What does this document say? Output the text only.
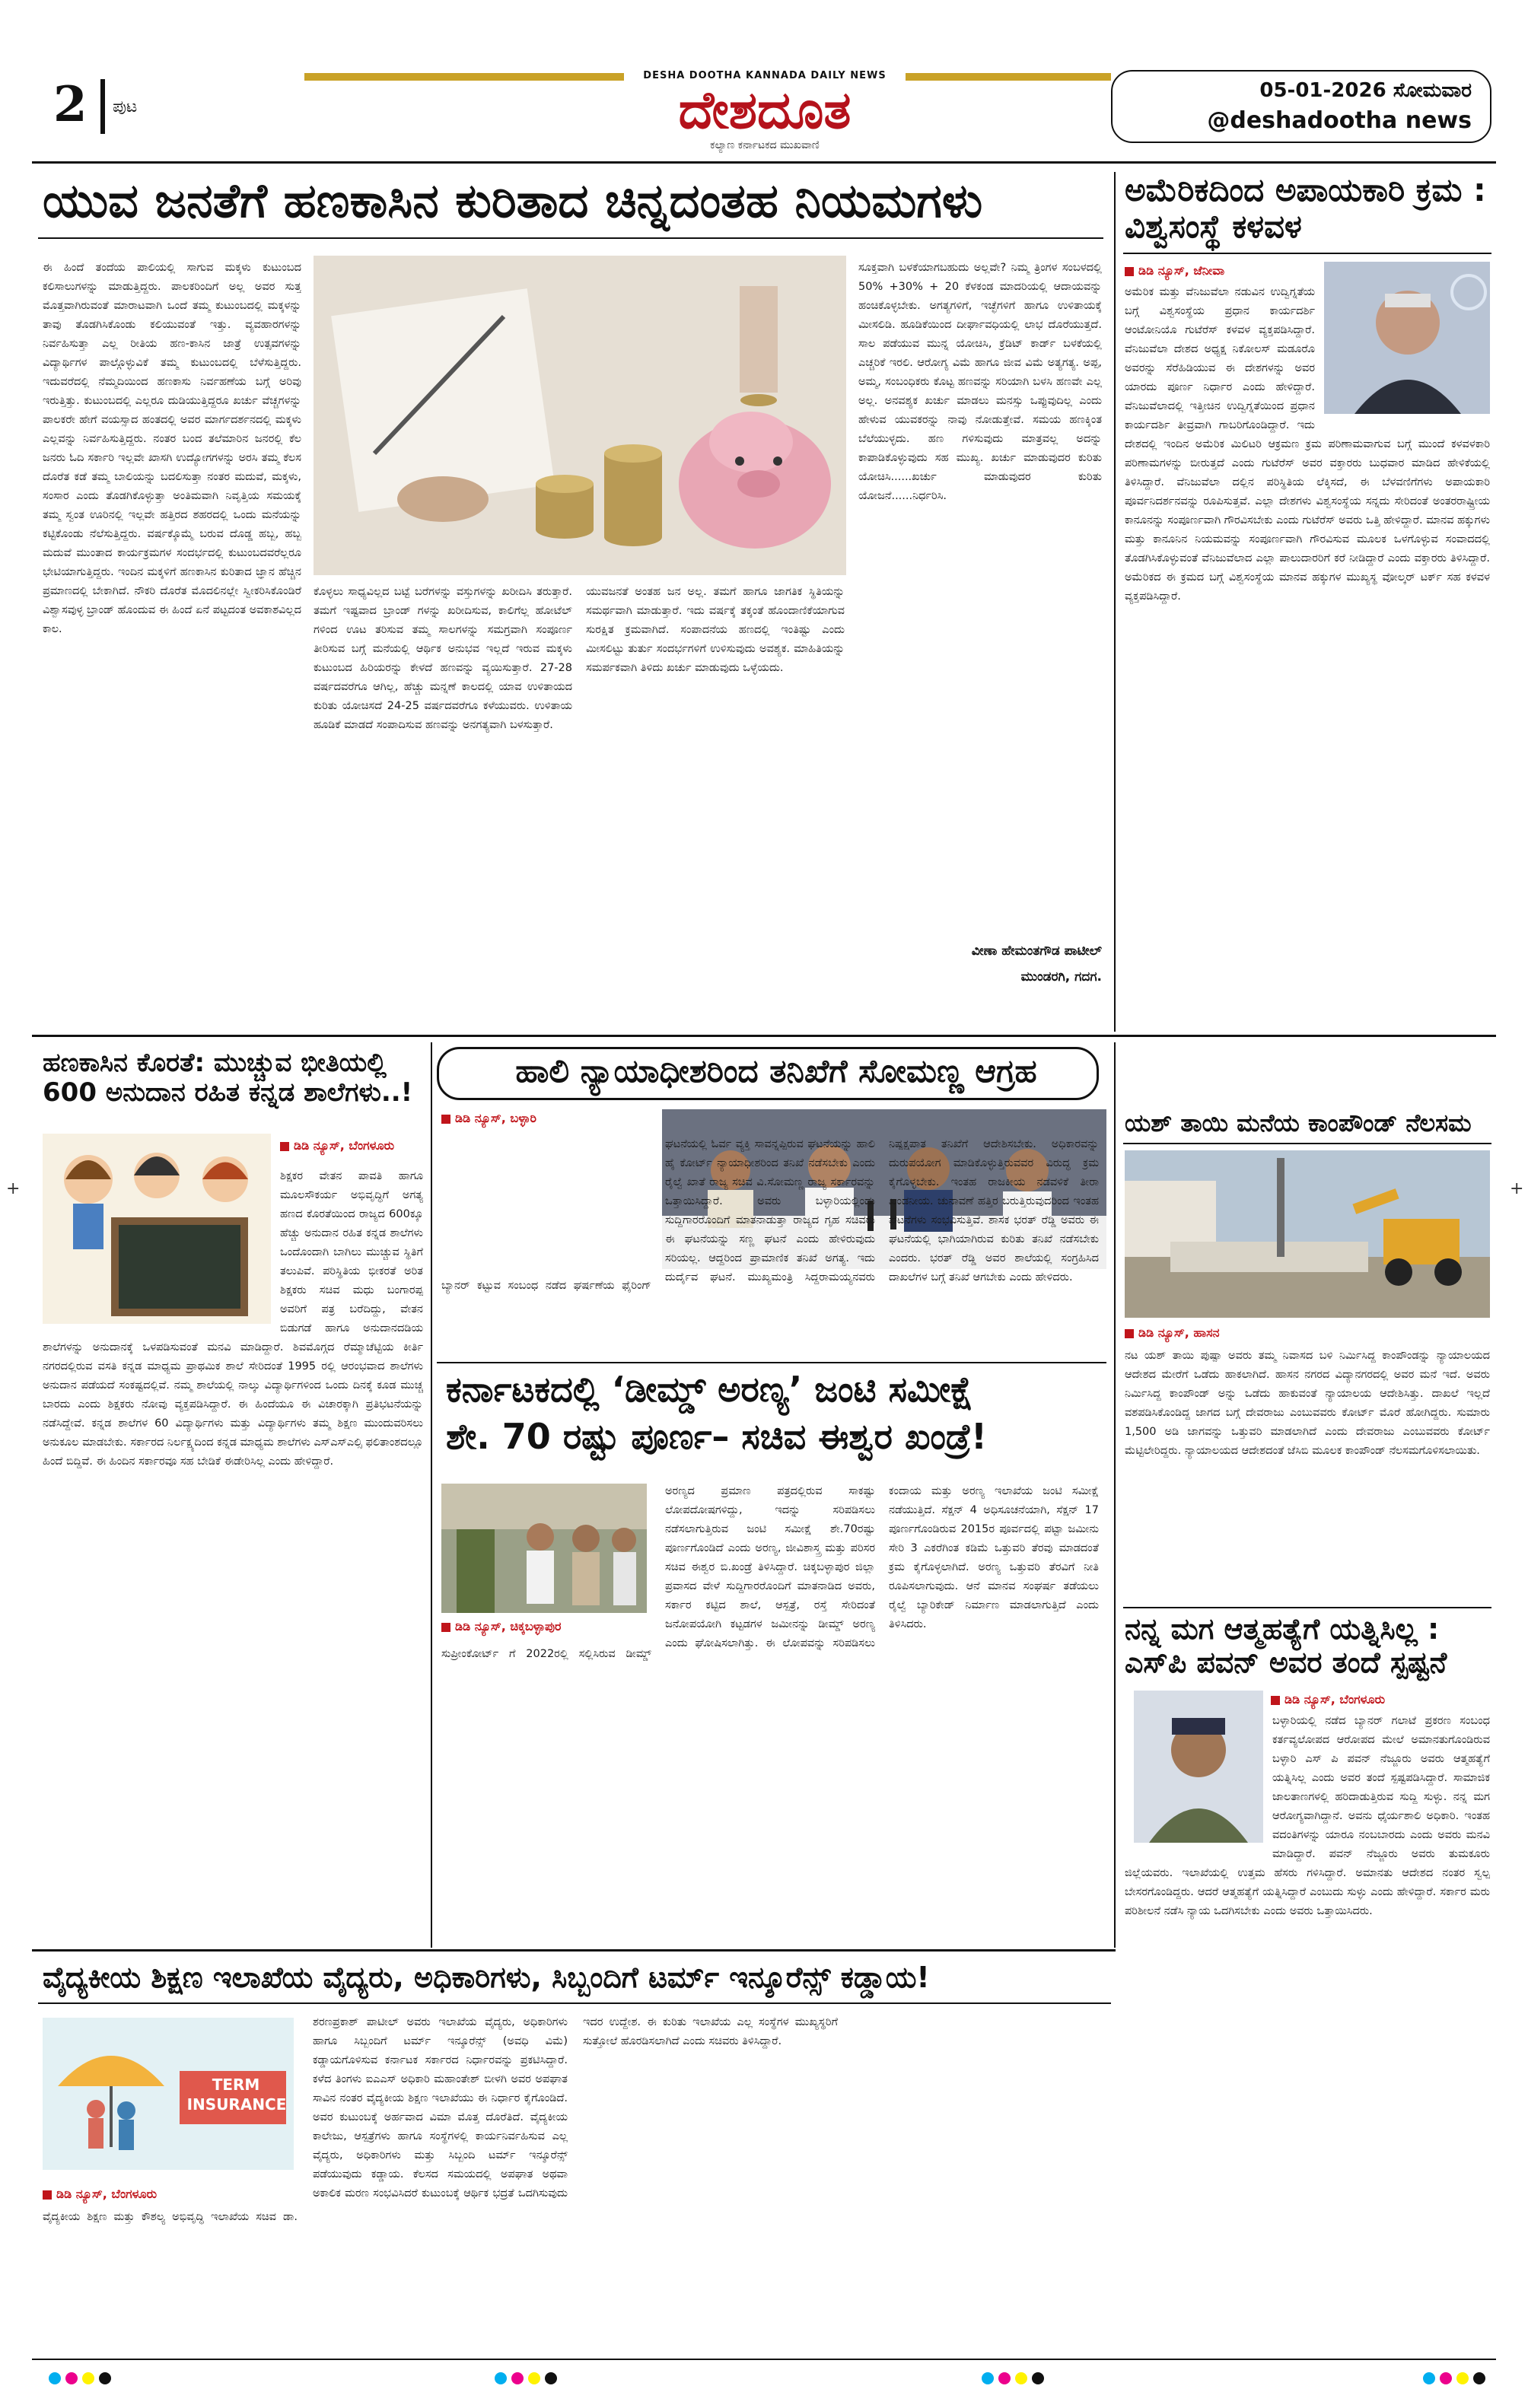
2 ಪುಟ
DESHA DOOTHA KANNADA DAILY NEWS
ದೇಶದೂತ
ಕಲ್ಯಾಣ ಕರ್ನಾಟಕದ ಮುಖವಾಣಿ
05-01-2026 ಸೋಮವಾರ
@deshadootha news
ಯುವ ಜನತೆಗೆ ಹಣಕಾಸಿನ ಕುರಿತಾದ ಚಿನ್ನದಂತಹ ನಿಯಮಗಳು
ಈ ಹಿಂದೆ ತಂದೆಯ ಪಾಲಿಯಲ್ಲಿ ಸಾಗುವ ಮಕ್ಕಳು ಕುಟುಂಬದ ಕಲಿಸಾಲುಗಳನ್ನು ಮಾಡುತ್ತಿದ್ದರು. ಪಾಲಕರಿಂದಿಗೆ ಅಲ್ಲ ಅವರ ಸುತ್ತ ಮೊತ್ತವಾಗಿರುವಂತೆ ಮಾರಾಟವಾಗಿ ಒಂದೆ ತಮ್ಮ ಕುಟುಂಬದಲ್ಲಿ ಮಕ್ಕಳನ್ನು ತಾವು ತೊಡಗಿಸಿಕೊಂಡು ಕಲಿಯುವಂತೆ ಇತ್ತು. ವ್ಯವಹಾರಗಳನ್ನು ನಿರ್ವಹಿಸುತ್ತಾ ಎಲ್ಲ ರೀತಿಯ ಹಣ-ಕಾಸಿನ ಜಾತ್ರೆ ಉತ್ಸವಗಳನ್ನು ವಿದ್ಯಾರ್ಥಿಗಳ ಪಾಲ್ಗೊಳ್ಳುವಿಕೆ ತಮ್ಮ ಕುಟುಂಬದಲ್ಲಿ ಬೆಳೆಸುತ್ತಿದ್ದರು. ಇದುವರೆದಲ್ಲಿ ನೆಮ್ಮದಿಯಿಂದ ಹಣಕಾಸು ನಿರ್ವಹಣೆಯ ಬಗ್ಗೆ ಅರಿವು ಇರುತ್ತಿತ್ತು. ಕುಟುಂಬದಲ್ಲಿ ಎಲ್ಲರೂ ದುಡಿಯುತ್ತಿದ್ದರೂ ಖರ್ಚು ವೆಚ್ಚಗಳನ್ನು ಪಾಲಕರೇ ಹೇಗೆ ವಯಸ್ಸಾದ ಹಂತದಲ್ಲಿ ಅವರ ಮಾರ್ಗದರ್ಶನದಲ್ಲಿ ಮಕ್ಕಳು ಎಲ್ಲವನ್ನು ನಿರ್ವಹಿಸುತ್ತಿದ್ದರು. ನಂತರ ಬಂದ ತಲೆಮಾರಿನ ಜನರಲ್ಲಿ ಕೆಲ ಜನರು ಓದಿ ಸರ್ಕಾರಿ ಇಲ್ಲವೇ ಖಾಸಗಿ ಉದ್ಯೋಗಗಳನ್ನು ಅರಸಿ ತಮ್ಮ ಕೆಲಸ ದೊರೆತ ಕಡೆ ತಮ್ಮ ಬಾಲಿಯನ್ನು ಬದಲಿಸುತ್ತಾ ನಂತರ ಮದುವೆ, ಮಕ್ಕಳು, ಸಂಸಾರ ಎಂದು ತೊಡಗಿಕೊಳ್ಳುತ್ತಾ ಅಂತಿಮವಾಗಿ ನಿವೃತ್ತಿಯ ಸಮಯಕ್ಕೆ ತಮ್ಮ ಸ್ವಂತ ಊರಿನಲ್ಲಿ ಇಲ್ಲವೇ ಹತ್ತಿರದ ಶಹರದಲ್ಲಿ ಒಂದು ಮನೆಯನ್ನು ಕಟ್ಟಿಕೊಂಡು ನೆಲೆಸುತ್ತಿದ್ದರು. ವರ್ಷಕ್ಕೊಮ್ಮೆ ಬರುವ ದೊಡ್ಡ ಹಬ್ಬ, ಹಬ್ಬ ಮದುವೆ ಮುಂತಾದ ಕಾರ್ಯಕ್ರಮಗಳ ಸಂದರ್ಭದಲ್ಲಿ ಕುಟುಂಬದವರೆಲ್ಲರೂ ಭೇಟಿಯಾಗುತ್ತಿದ್ದರು. ಇಂದಿನ ಮಕ್ಕಳಿಗೆ ಹಣಕಾಸಿನ ಕುರಿತಾದ ಜ್ಞಾನ ಹೆಚ್ಚಿನ ಪ್ರಮಾಣದಲ್ಲಿ ಬೇಕಾಗಿದೆ. ನೌಕರಿ ದೊರೆತ ಮೊದಲಿನಲ್ಲೇ ಸ್ವೀಕರಿಸಿಕೊಂಡಿರೆ ವಿಶ್ವಾಸವುಳ್ಳ ಬ್ರಾಂಡ್ ಹೊಂದುವ ಈ ಹಿಂದೆ ಏನೆ ಪಟ್ಟದಂತ ಅವಕಾಶವಿಲ್ಲದ ಕಾಲ.
ಕೊಳ್ಳಲು ಸಾಧ್ಯವಿಲ್ಲದ ಬಟ್ಟೆ ಬರೆಗಳನ್ನು ವಸ್ತುಗಳನ್ನು ಖರೀದಿಸಿ ತರುತ್ತಾರೆ. ತಮಗೆ ಇಷ್ಟವಾದ ಬ್ರಾಂಡ್ ಗಳನ್ನು ಖರೀದಿಸುವ, ಕಾಲಿಗೆಲ್ಲ ಹೋಟೆಲ್ ಗಳಿಂದ ಊಟ ತರಿಸುವ ತಮ್ಮ ಸಾಲಗಳನ್ನು ಸಮಗ್ರವಾಗಿ ಸಂಪೂರ್ಣ ತೀರಿಸುವ ಬಗ್ಗೆ ಮನೆಯಲ್ಲಿ ಆರ್ಥಿಕ ಅನುಭವ ಇಲ್ಲದೆ ಇರುವ ಮಕ್ಕಳು ಕುಟುಂಬದ ಹಿರಿಯರನ್ನು ಕೇಳದೆ ಹಣವನ್ನು ವ್ಯಯಿಸುತ್ತಾರೆ. 27-28 ವರ್ಷದವರೆಗೂ ಆಗಿಲ್ಲ, ಹೆಚ್ಚು ಮನ್ನಣೆ ಕಾಲದಲ್ಲಿ ಯಾವ ಉಳಿತಾಯದ ಕುರಿತು ಯೋಚಿಸದೆ 24-25 ವರ್ಷದವರೆಗೂ ಕಳೆಯುವರು. ಉಳಿತಾಯ ಹೂಡಿಕೆ ಮಾಡದೆ ಸಂಪಾದಿಸುವ ಹಣವನ್ನು ಅನಗತ್ಯವಾಗಿ ಬಳಸುತ್ತಾರೆ.
ಯುವಜನತೆ ಅಂತಹ ಜನ ಅಲ್ಲ. ತಮಗೆ ಹಾಗೂ ಜಾಗತಿಕ ಸ್ಥಿತಿಯನ್ನು ಸಮರ್ಥವಾಗಿ ಮಾಡುತ್ತಾರೆ. ಇದು ವರ್ಷಕ್ಕೆ ತಕ್ಕಂತೆ ಹೊಂದಾಣಿಕೆಯಾಗುವ ಸುರಕ್ಷಿತ ಕ್ರಮವಾಗಿದೆ. ಸಂಪಾದನೆಯ ಹಣದಲ್ಲಿ ಇಂತಿಷ್ಟು ಎಂದು ಮೀಸಲಿಟ್ಟು ತುರ್ತು ಸಂದರ್ಭಗಳಿಗೆ ಉಳಿಸುವುದು ಅವಶ್ಯಕ. ಮಾಹಿತಿಯನ್ನು ಸಮರ್ಪಕವಾಗಿ ತಿಳಿದು ಖರ್ಚು ಮಾಡುವುದು ಒಳ್ಳೆಯದು.
ಸೂಕ್ತವಾಗಿ ಬಳಕೆಯಾಗಬಹುದು ಅಲ್ಲವೇ? ನಿಮ್ಮ ತ್ರಿಂಗಳ ಸಂಬಳದಲ್ಲಿ 50% +30% + 20 ಕೆಳಕಂಡ ಮಾದರಿಯಲ್ಲಿ ಆದಾಯವನ್ನು ಹಂಚಿಕೊಳ್ಳಬೇಕು. ಅಗತ್ಯಗಳಿಗೆ, ಇಚ್ಛೆಗಳಿಗೆ ಹಾಗೂ ಉಳಿತಾಯಕ್ಕೆ ಮೀಸಲಿಡಿ. ಹೂಡಿಕೆಯಿಂದ ದೀರ್ಘಾವಧಿಯಲ್ಲಿ ಲಾಭ ದೊರೆಯುತ್ತದೆ. ಸಾಲ ಪಡೆಯುವ ಮುನ್ನ ಯೋಚಿಸಿ, ಕ್ರೆಡಿಟ್ ಕಾರ್ಡ್ ಬಳಕೆಯಲ್ಲಿ ಎಚ್ಚರಿಕೆ ಇರಲಿ. ಆರೋಗ್ಯ ವಿಮೆ ಹಾಗೂ ಜೀವ ವಿಮೆ ಅತ್ಯಗತ್ಯ. ಅಪ್ಪ, ಅಮ್ಮ, ಸಂಬಂಧಿಕರು ಕೊಟ್ಟ ಹಣವನ್ನು ಸರಿಯಾಗಿ ಬಳಸಿ ಹಣವೇ ಎಲ್ಲ ಅಲ್ಲ. ಅನವಶ್ಯಕ ಖರ್ಚು ಮಾಡಲು ಮನಸ್ಸು ಒಪ್ಪುವುದಿಲ್ಲ ಎಂದು ಹೇಳುವ ಯುವಕರನ್ನು ನಾವು ನೋಡುತ್ತೇವೆ. ಸಮಯ ಹಣಕ್ಕಿಂತ ಬೆಲೆಯುಳ್ಳದು. ಹಣ ಗಳಿಸುವುದು ಮಾತ್ರವಲ್ಲ ಅದನ್ನು ಕಾಪಾಡಿಕೊಳ್ಳುವುದು ಸಹ ಮುಖ್ಯ. ಖರ್ಚು ಮಾಡುವುದರ ಕುರಿತು ಯೋಚಿಸಿ......ಖರ್ಚು ಮಾಡುವುದರ ಕುರಿತು ಯೋಜನೆ......ನಿರ್ಧರಿಸಿ.
ವೀಣಾ ಹೇಮಂತಗೌಡ ಪಾಟೀಲ್
ಮುಂಡರಗಿ, ಗದಗ.
ಅಮೆರಿಕದಿಂದ ಅಪಾಯಕಾರಿ ಕ್ರಮ : ವಿಶ್ವಸಂಸ್ಥೆ ಕಳವಳ
ಡಿಡಿ ನ್ಯೂಸ್, ಜೆನೀವಾ
ಅಮೆರಿಕ ಮತ್ತು ವೆನಿಜುವೆಲಾ ನಡುವಿನ ಉದ್ವಿಗ್ನತೆಯ ಬಗ್ಗೆ ವಿಶ್ವಸಂಸ್ಥೆಯ ಪ್ರಧಾನ ಕಾರ್ಯದರ್ಶಿ ಆಂಟೋನಿಯೊ ಗುಟೆರೆಸ್ ಕಳವಳ ವ್ಯಕ್ತಪಡಿಸಿದ್ದಾರೆ. ವೆನಿಜುವೆಲಾ ದೇಶದ ಅಧ್ಯಕ್ಷ ನಿಕೋಲಸ್ ಮಡೂರೊ ಅವರನ್ನು ಸೆರೆಹಿಡಿಯುವ ಈ ದೇಶಗಳನ್ನು ಅವರ ಯಾರದು ಪೂರ್ಣ ನಿರ್ಧಾರ ಎಂದು ಹೇಳಿದ್ದಾರೆ. ವೆನಿಜುವೆಲಾದಲ್ಲಿ ಇತ್ತೀಚಿನ ಉದ್ವಿಗ್ನತೆಯಿಂದ ಪ್ರಧಾನ ಕಾರ್ಯದರ್ಶಿ ತೀವ್ರವಾಗಿ ಗಾಬರಿಗೊಂಡಿದ್ದಾರೆ. ಇದು ದೇಶದಲ್ಲಿ ಇಂದಿನ ಅಮೆರಿಕ ಮಿಲಿಟರಿ ಆಕ್ರಮಣ ಕ್ರಮ ಪರಿಣಾಮವಾಗುವ ಬಗ್ಗೆ ಮುಂದೆ ಕಳವಳಕಾರಿ ಪರಿಣಾಮಗಳನ್ನು ಬೀರುತ್ತದೆ ಎಂದು ಗುಟೆರೆಸ್ ಅವರ ವಕ್ತಾರರು ಬುಧವಾರ ಮಾಡಿದ ಹೇಳಿಕೆಯಲ್ಲಿ ತಿಳಿಸಿದ್ದಾರೆ. ವೆನಿಜುವೆಲಾ ದಲ್ಲಿನ ಪರಿಸ್ಥಿತಿಯ ಲೆಕ್ಕಿಸದೆ, ಈ ಬೆಳವಣಿಗೆಗಳು ಅಪಾಯಕಾರಿ ಪೂರ್ವನಿದರ್ಶನವನ್ನು ರೂಪಿಸುತ್ತವೆ. ಎಲ್ಲಾ ದೇಶಗಳು ವಿಶ್ವಸಂಸ್ಥೆಯ ಸನ್ನದು ಸೇರಿದಂತೆ ಅಂತರರಾಷ್ಟ್ರೀಯ ಕಾನೂನನ್ನು ಸಂಪೂರ್ಣವಾಗಿ ಗೌರವಿಸಬೇಕು ಎಂದು ಗುಟೆರೆಸ್ ಅವರು ಒತ್ತಿ ಹೇಳಿದ್ದಾರೆ. ಮಾನವ ಹಕ್ಕುಗಳು ಮತ್ತು ಕಾನೂನಿನ ನಿಯಮವನ್ನು ಸಂಪೂರ್ಣವಾಗಿ ಗೌರವಿಸುವ ಮೂಲಕ ಒಳಗೊಳ್ಳುವ ಸಂವಾದದಲ್ಲಿ ತೊಡಗಿಸಿಕೊಳ್ಳುವಂತೆ ವೆನಿಜುವೆಲಾದ ಎಲ್ಲಾ ಪಾಲುದಾರರಿಗೆ ಕರೆ ನೀಡಿದ್ದಾರೆ ಎಂದು ವಕ್ತಾರರು ತಿಳಿಸಿದ್ದಾರೆ. ಅಮೆರಿಕದ ಈ ಕ್ರಮದ ಬಗ್ಗೆ ವಿಶ್ವಸಂಸ್ಥೆಯ ಮಾನವ ಹಕ್ಕುಗಳ ಮುಖ್ಯಸ್ಥ ವೋಲ್ಕರ್ ಟರ್ಕ್ ಸಹ ಕಳವಳ ವ್ಯಕ್ತಪಡಿಸಿದ್ದಾರೆ.
ಹಣಕಾಸಿನ ಕೊರತೆ: ಮುಚ್ಚುವ ಭೀತಿಯಲ್ಲಿ 600 ಅನುದಾನ ರಹಿತ ಕನ್ನಡ ಶಾಲೆಗಳು..!
ಡಿಡಿ ನ್ಯೂಸ್, ಬೆಂಗಳೂರು
ಶಿಕ್ಷಕರ ವೇತನ ಪಾವತಿ ಹಾಗೂ ಮೂಲಸೌಕರ್ಯ ಅಭಿವೃದ್ಧಿಗೆ ಅಗತ್ಯ ಹಣದ ಕೊರತೆಯಿಂದ ರಾಜ್ಯದ 600ಕ್ಕೂ ಹೆಚ್ಚು ಅನುದಾನ ರಹಿತ ಕನ್ನಡ ಶಾಲೆಗಳು ಒಂದೊಂದಾಗಿ ಬಾಗಿಲು ಮುಚ್ಚುವ ಸ್ಥಿತಿಗೆ ತಲುಪಿವೆ. ಪರಿಸ್ಥಿತಿಯ ಭೀಕರತೆ ಅರಿತ ಶಿಕ್ಷಕರು ಸಚಿವ ಮಧು ಬಂಗಾರಪ್ಪ ಅವರಿಗೆ ಪತ್ರ ಬರೆದಿದ್ದು, ವೇತನ ಬಿಡುಗಡೆ ಹಾಗೂ ಅನುದಾನದಡಿಯ ಶಾಲೆಗಳನ್ನು ಅನುದಾನಕ್ಕೆ ಒಳಪಡಿಸುವಂತೆ ಮನವಿ ಮಾಡಿದ್ದಾರೆ. ಶಿವಮೊಗ್ಗದ ರೆಮ್ಮಾಚೆಟ್ಟಿಯ ಕೀರ್ತಿ ನಗರದಲ್ಲಿರುವ ವಸತಿ ಕನ್ನಡ ಮಾಧ್ಯಮ ಪ್ರಾಥಮಿಕ ಶಾಲೆ ಸೇರಿದಂತೆ 1995 ರಲ್ಲಿ ಆರಂಭವಾದ ಶಾಲೆಗಳು ಅನುದಾನ ಪಡೆಯದೆ ಸಂಕಷ್ಟದಲ್ಲಿವೆ. ನಮ್ಮ ಶಾಲೆಯಲ್ಲಿ ನಾಲ್ಕು ವಿದ್ಯಾರ್ಥಿಗಳಿಂದ ಒಂದು ದಿನಕ್ಕೆ ಕೂಡ ಮುಚ್ಚ ಬಾರದು ಎಂದು ಶಿಕ್ಷಕರು ನೋವು ವ್ಯಕ್ತಪಡಿಸಿದ್ದಾರೆ. ಈ ಹಿಂದೆಯೂ ಈ ವಿಚಾರಕ್ಕಾಗಿ ಪ್ರತಿಭಟನೆಯನ್ನು ನಡೆಸಿದ್ದೇವೆ. ಕನ್ನಡ ಶಾಲೆಗಳ 60 ವಿದ್ಯಾರ್ಥಿಗಳು ಮತ್ತು ವಿದ್ಯಾರ್ಥಿಗಳು ತಮ್ಮ ಶಿಕ್ಷಣ ಮುಂದುವರಿಸಲು ಅನುಕೂಲ ಮಾಡಬೇಕು. ಸರ್ಕಾರದ ನಿರ್ಲಕ್ಷ್ಯದಿಂದ ಕನ್ನಡ ಮಾಧ್ಯಮ ಶಾಲೆಗಳು ಎಸ್ಎಸ್ಎಲ್ಸಿ ಫಲಿತಾಂಶದಲ್ಲೂ ಹಿಂದೆ ಬಿದ್ದಿವೆ. ಈ ಹಿಂದಿನ ಸರ್ಕಾರವೂ ಸಹ ಬೇಡಿಕೆ ಈಡೇರಿಸಿಲ್ಲ ಎಂದು ಹೇಳಿದ್ದಾರೆ.
ಹಾಲಿ ನ್ಯಾಯಾಧೀಶರಿಂದ ತನಿಖೆಗೆ ಸೋಮಣ್ಣ ಆಗ್ರಹ
ಡಿಡಿ ನ್ಯೂಸ್, ಬಳ್ಳಾರಿ
ಬ್ಯಾನರ್ ಕಟ್ಟುವ ಸಂಬಂಧ ನಡೆದ ಘರ್ಷಣೆಯ ಫೈರಿಂಗ್ ಘಟನೆಯಲ್ಲಿ ಓರ್ವ ವ್ಯಕ್ತಿ ಸಾವನ್ನಪ್ಪಿರುವ ಘಟನೆಯನ್ನು ಹಾಲಿ ಹೈ ಕೋರ್ಟ್ ನ್ಯಾಯಾಧೀಶರಿಂದ ತನಿಖೆ ನಡೆಸಬೇಕು ಎಂದು ರೈಲ್ವೆ ಖಾತೆ ರಾಜ್ಯ ಸಚಿವ ವಿ.ಸೋಮಣ್ಣ ರಾಜ್ಯ ಸರ್ಕಾರವನ್ನು ಒತ್ತಾಯಿಸಿದ್ದಾರೆ. ಅವರು ಬಳ್ಳಾರಿಯಲ್ಲಿಂದು ಸುದ್ದಿಗಾರರೊಂದಿಗೆ ಮಾತನಾಡುತ್ತಾ ರಾಜ್ಯದ ಗೃಹ ಸಚಿವರು ಈ ಘಟನೆಯನ್ನು ಸಣ್ಣ ಘಟನೆ ಎಂದು ಹೇಳಿರುವುದು ಸರಿಯಲ್ಲ. ಆದ್ದರಿಂದ ಪ್ರಾಮಾಣಿಕ ತನಿಖೆ ಅಗತ್ಯ. ಇದು ದುರ್ದೈವ ಘಟನೆ. ಮುಖ್ಯಮಂತ್ರಿ ಸಿದ್ದರಾಮಯ್ಯನವರು ನಿಷ್ಪಕ್ಷಪಾತ ತನಿಖೆಗೆ ಆದೇಶಿಸಬೇಕು. ಅಧಿಕಾರವನ್ನು ದುರುಪಯೋಗ ಮಾಡಿಕೊಳ್ಳುತ್ತಿರುವವರ ವಿರುದ್ಧ ಕ್ರಮ ಕೈಗೊಳ್ಳಬೇಕು. ಇಂತಹ ರಾಜಕೀಯ ನಡವಳಿಕೆ ತೀರಾ ಖಂಡನೀಯ. ಚುನಾವಣೆ ಹತ್ತಿರ ಬರುತ್ತಿರುವುದರಿಂದ ಇಂತಹ ಘಟನೆಗಳು ಸಂಭವಿಸುತ್ತಿವೆ. ಶಾಸಕ ಭರತ್ ರೆಡ್ಡಿ ಅವರು ಈ ಘಟನೆಯಲ್ಲಿ ಭಾಗಿಯಾಗಿರುವ ಕುರಿತು ತನಿಖೆ ನಡೆಸಬೇಕು ಎಂದರು. ಭರತ್ ರೆಡ್ಡಿ ಅವರ ಶಾಲೆಯಲ್ಲಿ ಸಂಗ್ರಹಿಸಿದ ದಾಖಲೆಗಳ ಬಗ್ಗೆ ತನಿಖೆ ಆಗಬೇಕು ಎಂದು ಹೇಳಿದರು.
ಕರ್ನಾಟಕದಲ್ಲಿ ‘ಡೀಮ್ಡ್ ಅರಣ್ಯ’ ಜಂಟಿ ಸಮೀಕ್ಷೆ
ಶೇ. 70 ರಷ್ಟು ಪೂರ್ಣ– ಸಚಿವ ಈಶ್ವರ ಖಂಡ್ರೆ!
ಡಿಡಿ ನ್ಯೂಸ್, ಚಿಕ್ಕಬಳ್ಳಾಪುರ
ಸುಪ್ರೀಂಕೋರ್ಟ್ ಗೆ 2022ರಲ್ಲಿ ಸಲ್ಲಿಸಿರುವ ಡೀಮ್ಡ್ ಅರಣ್ಯದ ಪ್ರಮಾಣ ಪತ್ರದಲ್ಲಿರುವ ಸಾಕಷ್ಟು ಲೋಪದೋಷಗಳಿದ್ದು, ಇದನ್ನು ಸರಿಪಡಿಸಲು ನಡೆಸಲಾಗುತ್ತಿರುವ ಜಂಟಿ ಸಮೀಕ್ಷೆ ಶೇ.70ರಷ್ಟು ಪೂರ್ಣಗೊಂಡಿದೆ ಎಂದು ಅರಣ್ಯ, ಜೀವಿಶಾಸ್ತ್ರ ಮತ್ತು ಪರಿಸರ ಸಚಿವ ಈಶ್ವರ ಬಿ.ಖಂಡ್ರೆ ತಿಳಿಸಿದ್ದಾರೆ. ಚಿಕ್ಕಬಳ್ಳಾಪುರ ಜಿಲ್ಲಾ ಪ್ರವಾಸದ ವೇಳೆ ಸುದ್ದಿಗಾರರೊಂದಿಗೆ ಮಾತನಾಡಿದ ಅವರು, ಸರ್ಕಾರ ಕಟ್ಟಿದ ಶಾಲೆ, ಆಸ್ಪತ್ರೆ, ರಸ್ತೆ ಸೇರಿದಂತೆ ಜನೋಪಯೋಗಿ ಕಟ್ಟಡಗಳ ಜಮೀನನ್ನು ಡೀಮ್ಡ್ ಅರಣ್ಯ ಎಂದು ಘೋಷಿಸಲಾಗಿತ್ತು. ಈ ಲೋಪವನ್ನು ಸರಿಪಡಿಸಲು ಕಂದಾಯ ಮತ್ತು ಅರಣ್ಯ ಇಲಾಖೆಯ ಜಂಟಿ ಸಮೀಕ್ಷೆ ನಡೆಯುತ್ತಿದೆ. ಸೆಕ್ಷನ್ 4 ಅಧಿಸೂಚನೆಯಾಗಿ, ಸೆಕ್ಷನ್ 17 ಪೂರ್ಣಗೊಂಡಿರುವ 2015ರ ಪೂರ್ವದಲ್ಲಿ ಪಟ್ಟಾ ಜಮೀನು ಸೇರಿ 3 ಎಕರೆಗಿಂತ ಕಡಿಮೆ ಒತ್ತುವರಿ ತೆರವು ಮಾಡದಂತೆ ಕ್ರಮ ಕೈಗೊಳ್ಳಲಾಗಿದೆ. ಅರಣ್ಯ ಒತ್ತುವರಿ ತೆರವಿಗೆ ನೀತಿ ರೂಪಿಸಲಾಗುವುದು. ಆನೆ ಮಾನವ ಸಂಘರ್ಷ ತಡೆಯಲು ರೈಲ್ವೆ ಬ್ಯಾರಿಕೇಡ್ ನಿರ್ಮಾಣ ಮಾಡಲಾಗುತ್ತಿದೆ ಎಂದು ತಿಳಿಸಿದರು.
ಯಶ್ ತಾಯಿ ಮನೆಯ ಕಾಂಪೌಂಡ್ ನೆಲಸಮ
ಡಿಡಿ ನ್ಯೂಸ್, ಹಾಸನ
ನಟ ಯಶ್ ತಾಯಿ ಪುಷ್ಪಾ ಅವರು ತಮ್ಮ ನಿವಾಸದ ಬಳಿ ನಿರ್ಮಿಸಿದ್ದ ಕಾಂಪೌಂಡನ್ನು ನ್ಯಾಯಾಲಯದ ಆದೇಶದ ಮೇರೆಗೆ ಒಡೆದು ಹಾಕಲಾಗಿದೆ. ಹಾಸನ ನಗರದ ವಿದ್ಯಾನಗರದಲ್ಲಿ ಅವರ ಮನೆ ಇದೆ. ಅವರು ನಿರ್ಮಿಸಿದ್ದ ಕಾಂಪೌಂಡ್ ಅನ್ನು ಒಡೆದು ಹಾಕುವಂತೆ ನ್ಯಾಯಾಲಯ ಆದೇಶಿಸಿತ್ತು. ದಾಖಲೆ ಇಲ್ಲದೆ ವಶಪಡಿಸಿಕೊಂಡಿದ್ದ ಜಾಗದ ಬಗ್ಗೆ ದೇವರಾಜು ಎಂಬುವವರು ಕೋರ್ಟ್ ಮೊರೆ ಹೋಗಿದ್ದರು. ಸುಮಾರು 1,500 ಅಡಿ ಜಾಗವನ್ನು ಒತ್ತುವರಿ ಮಾಡಲಾಗಿದೆ ಎಂದು ದೇವರಾಜು ಎಂಬುವವರು ಕೋರ್ಟ್ ಮೆಟ್ಟಿಲೇರಿದ್ದರು. ನ್ಯಾಯಾಲಯದ ಆದೇಶದಂತೆ ಜೆಸಿಬಿ ಮೂಲಕ ಕಾಂಪೌಂಡ್ ನೆಲಸಮಗೊಳಿಸಲಾಯಿತು.
ನನ್ನ ಮಗ ಆತ್ಮಹತ್ಯೆಗೆ ಯತ್ನಿಸಿಲ್ಲ : ಎಸ್‌ಪಿ ಪವನ್ ಅವರ ತಂದೆ ಸ್ಪಷ್ಟನೆ
ಡಿಡಿ ನ್ಯೂಸ್, ಬೆಂಗಳೂರು
ಬಳ್ಳಾರಿಯಲ್ಲಿ ನಡೆದ ಬ್ಯಾನರ್ ಗಲಾಟೆ ಪ್ರಕರಣ ಸಂಬಂಧ ಕರ್ತವ್ಯಲೋಪದ ಆರೋಪದ ಮೇಲೆ ಅಮಾನತುಗೊಂಡಿರುವ ಬಳ್ಳಾರಿ ಎಸ್ ಪಿ ಪವನ್ ನೆಜ್ಜೂರು ಅವರು ಆತ್ಮಹತ್ಯೆಗೆ ಯತ್ನಿಸಿಲ್ಲ ಎಂದು ಅವರ ತಂದೆ ಸ್ಪಷ್ಟಪಡಿಸಿದ್ದಾರೆ. ಸಾಮಾಜಿಕ ಜಾಲತಾಣಗಳಲ್ಲಿ ಹರಿದಾಡುತ್ತಿರುವ ಸುದ್ದಿ ಸುಳ್ಳು. ನನ್ನ ಮಗ ಆರೋಗ್ಯವಾಗಿದ್ದಾನೆ. ಅವನು ಧೈರ್ಯಶಾಲಿ ಅಧಿಕಾರಿ. ಇಂತಹ ವದಂತಿಗಳನ್ನು ಯಾರೂ ನಂಬಬಾರದು ಎಂದು ಅವರು ಮನವಿ ಮಾಡಿದ್ದಾರೆ. ಪವನ್ ನೆಜ್ಜೂರು ಅವರು ತುಮಕೂರು ಜಿಲ್ಲೆಯವರು. ಇಲಾಖೆಯಲ್ಲಿ ಉತ್ತಮ ಹೆಸರು ಗಳಿಸಿದ್ದಾರೆ. ಅಮಾನತು ಆದೇಶದ ನಂತರ ಸ್ವಲ್ಪ ಬೇಸರಗೊಂಡಿದ್ದರು. ಆದರೆ ಆತ್ಮಹತ್ಯೆಗೆ ಯತ್ನಿಸಿದ್ದಾರೆ ಎಂಬುದು ಸುಳ್ಳು ಎಂದು ಹೇಳಿದ್ದಾರೆ. ಸರ್ಕಾರ ಮರು ಪರಿಶೀಲನೆ ನಡೆಸಿ ನ್ಯಾಯ ಒದಗಿಸಬೇಕು ಎಂದು ಅವರು ಒತ್ತಾಯಿಸಿದರು.
ವೈದ್ಯಕೀಯ ಶಿಕ್ಷಣ ಇಲಾಖೆಯ ವೈದ್ಯರು, ಅಧಿಕಾರಿಗಳು, ಸಿಬ್ಬಂದಿಗೆ ಟರ್ಮ್ ಇನ್ಶೂರೆನ್ಸ್ ಕಡ್ಡಾಯ!
TERM
INSURANCE
ಡಿಡಿ ನ್ಯೂಸ್, ಬೆಂಗಳೂರು
ವೈದ್ಯಕೀಯ ಶಿಕ್ಷಣ ಮತ್ತು ಕೌಶಲ್ಯ ಅಭಿವೃದ್ಧಿ ಇಲಾಖೆಯ ಸಚಿವ ಡಾ. ಶರಣಪ್ರಕಾಶ್ ಪಾಟೀಲ್ ಅವರು ಇಲಾಖೆಯ ವೈದ್ಯರು, ಅಧಿಕಾರಿಗಳು ಹಾಗೂ ಸಿಬ್ಬಂದಿಗೆ ಟರ್ಮ್ ಇನ್ಶೂರೆನ್ಸ್ (ಅವಧಿ ವಿಮೆ) ಕಡ್ಡಾಯಗೊಳಿಸುವ ಕರ್ನಾಟಕ ಸರ್ಕಾರದ ನಿರ್ಧಾರವನ್ನು ಪ್ರಕಟಿಸಿದ್ದಾರೆ. ಕಳೆದ ತಿಂಗಳು ಐಎಎಸ್ ಅಧಿಕಾರಿ ಮಹಾಂತೇಶ್ ಬೀಳಗಿ ಅವರ ಅಪಘಾತ ಸಾವಿನ ನಂತರ ವೈದ್ಯಕೀಯ ಶಿಕ್ಷಣ ಇಲಾಖೆಯು ಈ ನಿರ್ಧಾರ ಕೈಗೊಂಡಿದೆ. ಅವರ ಕುಟುಂಬಕ್ಕೆ ಅರ್ಹವಾದ ವಿಮಾ ಮೊತ್ತ ದೊರೆತಿದೆ. ವೈದ್ಯಕೀಯ ಕಾಲೇಜು, ಆಸ್ಪತ್ರೆಗಳು ಹಾಗೂ ಸಂಸ್ಥೆಗಳಲ್ಲಿ ಕಾರ್ಯನಿರ್ವಹಿಸುವ ಎಲ್ಲ ವೈದ್ಯರು, ಅಧಿಕಾರಿಗಳು ಮತ್ತು ಸಿಬ್ಬಂದಿ ಟರ್ಮ್ ಇನ್ಶೂರೆನ್ಸ್ ಪಡೆಯುವುದು ಕಡ್ಡಾಯ. ಕೆಲಸದ ಸಮಯದಲ್ಲಿ ಅಪಘಾತ ಅಥವಾ ಅಕಾಲಿಕ ಮರಣ ಸಂಭವಿಸಿದರೆ ಕುಟುಂಬಕ್ಕೆ ಆರ್ಥಿಕ ಭದ್ರತೆ ಒದಗಿಸುವುದು ಇದರ ಉದ್ದೇಶ. ಈ ಕುರಿತು ಇಲಾಖೆಯ ಎಲ್ಲ ಸಂಸ್ಥೆಗಳ ಮುಖ್ಯಸ್ಥರಿಗೆ ಸುತ್ತೋಲೆ ಹೊರಡಿಸಲಾಗಿದೆ ಎಂದು ಸಚಿವರು ತಿಳಿಸಿದ್ದಾರೆ.
+	+
